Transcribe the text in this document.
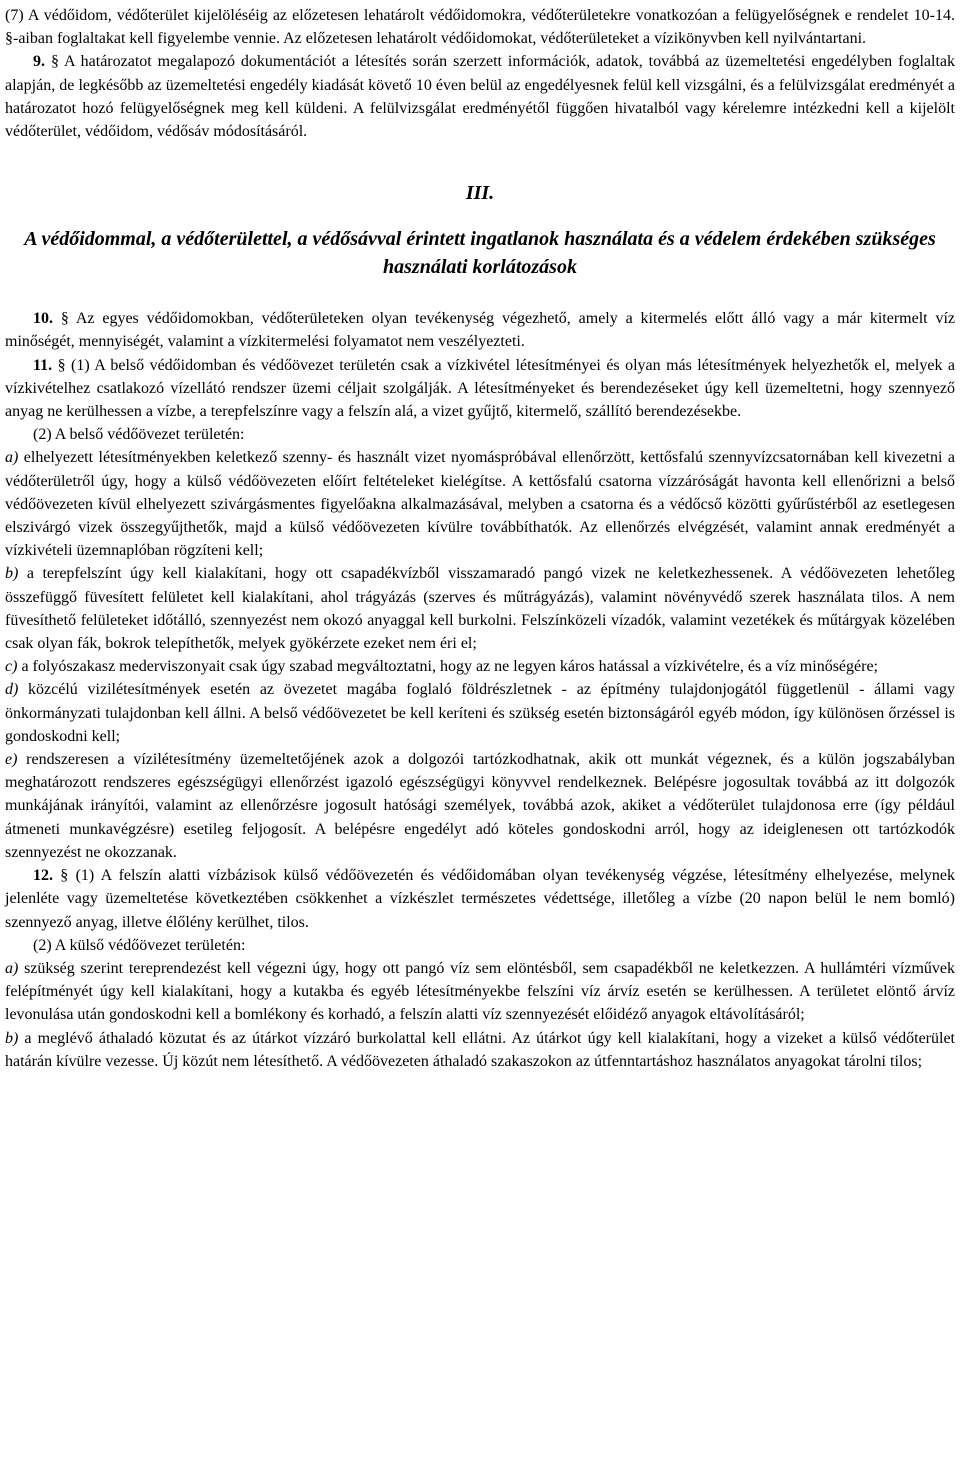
(7) A védőidom, védőterület kijelöléséig az előzetesen lehatárolt védőidomokra, védőterületekre vonatkozóan a felügyelőségnek e rendelet 10-14. §-aiban foglaltakat kell figyelembe vennie. Az előzetesen lehatárolt védőidomokat, védőterületeket a vízikönyvben kell nyilvántartani.

9. § A határozatot megalapozó dokumentációt a létesítés során szerzett információk, adatok, továbbá az üzemeltetési engedélyben foglaltak alapján, de legkésőbb az üzemeltetési engedély kiadását követő 10 éven belül az engedélyesnek felül kell vizsgálni, és a felülvizsgálat eredményét a határozatot hozó felügyelőségnek meg kell küldeni. A felülvizsgálat eredményétől függően hivatalból vagy kérelemre intézkedni kell a kijelölt védőterület, védőidom, védősáv módosításáról.

III.

A védőidommal, a védőterülettel, a védősávval érintett ingatlanok használata és a védelem érdekében szükséges használati korlátozások

10. § Az egyes védőidomokban, védőterületeken olyan tevékenység végezhető, amely a kitermelés előtt álló vagy a már kitermelt víz minőségét, mennyiségét, valamint a vízkitermelési folyamatot nem veszélyezteti.

11. § (1) A belső védőidomban és védőövezet területén csak a vízkivétel létesítményei és olyan más létesítmények helyezhetők el, melyek a vízkivételhez csatlakozó vízellátó rendszer üzemi céljait szolgálják. A létesítményeket és berendezéseket úgy kell üzemeltetni, hogy szennyező anyag ne kerülhessen a vízbe, a terepfelszínre vagy a felszín alá, a vizet gyűjtő, kitermelő, szállító berendezésekbe.

(2) A belső védőövezet területén:

a) elhelyezett létesítményekben keletkező szenny- és használt vizet nyomáspróbával ellenőrzött, kettősfalú szennyvízcsatornában kell kivezetni a védőterületről úgy, hogy a külső védőövezeten előírt feltételeket kielégítse. A kettősfalú csatorna vízzáróságát havonta kell ellenőrizni a belső védőövezeten kívül elhelyezett szivárgásmentes figyelőakna alkalmazásával, melyben a csatorna és a védőcső közötti gyűrűstérből az esetlegesen elszivárgó vizek összegyűjthetők, majd a külső védőövezeten kívülre továbbíthatók. Az ellenőrzés elvégzését, valamint annak eredményét a vízkivételi üzemnaplóban rögzíteni kell;

b) a terepfelszínt úgy kell kialakítani, hogy ott csapadékvízből visszamaradó pangó vizek ne keletkezhessenek. A védőövezeten lehetőleg összefüggő füvesített felületet kell kialakítani, ahol trágyázás (szerves és műtrágyázás), valamint növényvédő szerek használata tilos. A nem füvesíthető felületeket időtálló, szennyezést nem okozó anyaggal kell burkolni. Felszínközeli vízadók, valamint vezetékek és műtárgyak közelében csak olyan fák, bokrok telepíthetők, melyek gyökérzete ezeket nem éri el;

c) a folyószakasz mederviszonyait csak úgy szabad megváltoztatni, hogy az ne legyen káros hatással a vízkivételre, és a víz minőségére;

d) közcélú vizilétesítmények esetén az övezetet magába foglaló földrészletnek - az építmény tulajdonjogától függetlenül - állami vagy önkormányzati tulajdonban kell állni. A belső védőövezetet be kell keríteni és szükség esetén biztonságáról egyéb módon, így különösen őrzéssel is gondoskodni kell;

e) rendszeresen a vízilétesítmény üzemeltetőjének azok a dolgozói tartózkodhatnak, akik ott munkát végeznek, és a külön jogszabályban meghatározott rendszeres egészségügyi ellenőrzést igazoló egészségügyi könyvvel rendelkeznek. Belépésre jogosultak továbbá az itt dolgozók munkájának irányítói, valamint az ellenőrzésre jogosult hatósági személyek, továbbá azok, akiket a védőterület tulajdonosa erre (így például átmeneti munkavégzésre) esetileg feljogosít. A belépésre engedélyt adó köteles gondoskodni arról, hogy az ideiglenesen ott tartózkodók szennyezést ne okozzanak.

12. § (1) A felszín alatti vízbázisok külső védőövezetén és védőidomában olyan tevékenység végzése, létesítmény elhelyezése, melynek jelenléte vagy üzemeltetése következtében csökkenhet a vízkészlet természetes védettsége, illetőleg a vízbe (20 napon belül le nem bomló) szennyező anyag, illetve élőlény kerülhet, tilos.

(2) A külső védőövezet területén:

a) szükség szerint tereprendezést kell végezni úgy, hogy ott pangó víz sem elöntésből, sem csapadékből ne keletkezzen. A hullámtéri vízművek felépítményét úgy kell kialakítani, hogy a kutakba és egyéb létesítményekbe felszíni víz árvíz esetén se kerülhessen. A területet elöntő árvíz levonulása után gondoskodni kell a bomlékony és korhadó, a felszín alatti víz szennyezését előidéző anyagok eltávolításáról;

b) a meglévő áthaladó közutat és az útárkot vízzáró burkolattal kell ellátni. Az útárkot úgy kell kialakítani, hogy a vizeket a külső védőterület határán kívülre vezesse. Új közút nem létesíthető. A védőövezeten áthaladó szakaszokon az útfenntartáshoz használatos anyagokat tárolni tilos;
